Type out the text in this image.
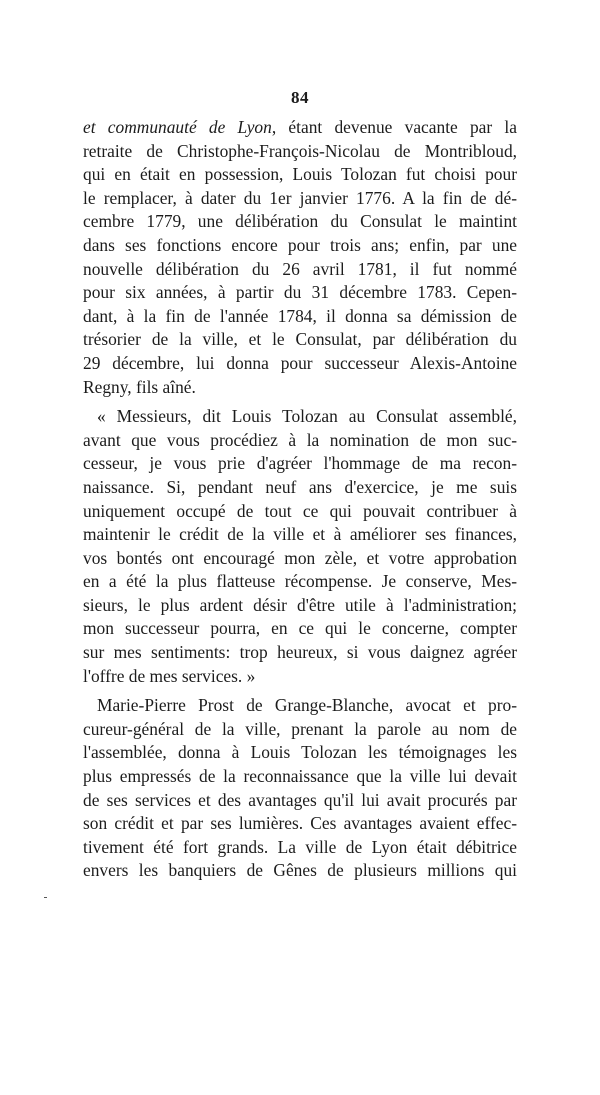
84
et communauté de Lyon, étant devenue vacante par la
retraite de Christophe-François-Nicolau de Montribloud,
qui en était en possession, Louis Tolozan fut choisi pour
le remplacer, à dater du 1er janvier 1776. A la fin de dé-
cembre 1779, une délibération du Consulat le maintint
dans ses fonctions encore pour trois ans; enfin, par une
nouvelle délibération du 26 avril 1781, il fut nommé
pour six années, à partir du 31 décembre 1783. Cepen-
dant, à la fin de l'année 1784, il donna sa démission de
trésorier de la ville, et le Consulat, par délibération du
29 décembre, lui donna pour successeur Alexis-Antoine
Regny, fils aîné.
« Messieurs, dit Louis Tolozan au Consulat assemblé,
avant que vous procédiez à la nomination de mon suc-
cesseur, je vous prie d'agréer l'hommage de ma recon-
naissance. Si, pendant neuf ans d'exercice, je me suis
uniquement occupé de tout ce qui pouvait contribuer à
maintenir le crédit de la ville et à améliorer ses finances,
vos bontés ont encouragé mon zèle, et votre approbation
en a été la plus flatteuse récompense. Je conserve, Mes-
sieurs, le plus ardent désir d'être utile à l'administration;
mon successeur pourra, en ce qui le concerne, compter
sur mes sentiments: trop heureux, si vous daignez agréer
l'offre de mes services. »
Marie-Pierre Prost de Grange-Blanche, avocat et pro-
cureur-général de la ville, prenant la parole au nom de
l'assemblée, donna à Louis Tolozan les témoignages les
plus empressés de la reconnaissance que la ville lui devait
de ses services et des avantages qu'il lui avait procurés par
son crédit et par ses lumières. Ces avantages avaient effec-
tivement été fort grands. La ville de Lyon était débitrice
envers les banquiers de Gênes de plusieurs millions qui
